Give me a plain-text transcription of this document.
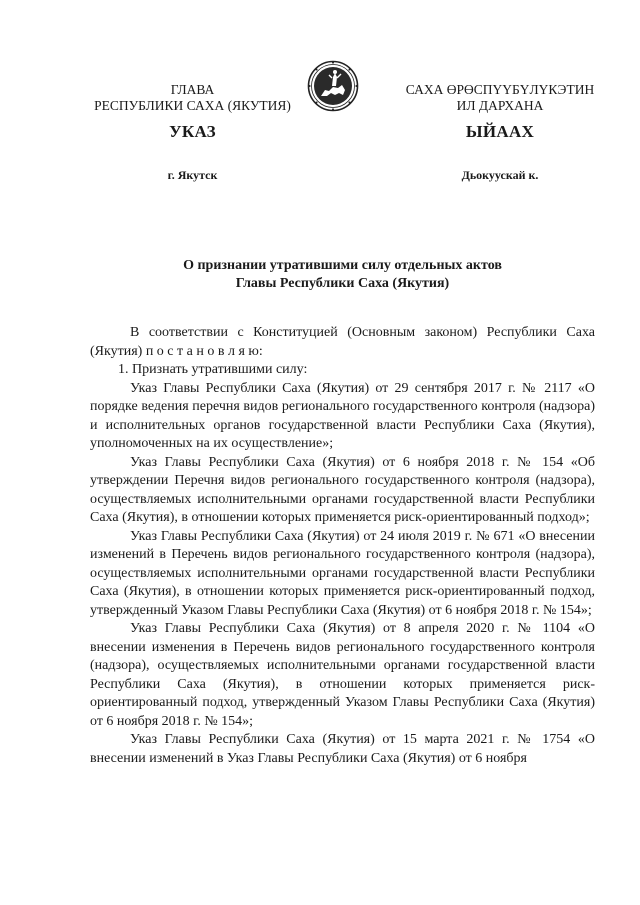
ГЛАВА
РЕСПУБЛИКИ САХА (ЯКУТИЯ)
САХА ӨРӨСПҮҮБҮЛҮКЭТИН
ИЛ ДАРХАНА
УКАЗ	ЫЙААХ
г. Якутск	Дьокуускай к.
О признании утратившими силу отдельных актов
Главы Республики Саха (Якутия)

В соответствии с Конституцией (Основным законом) Республики Саха (Якутия) п о с т а н о в л я ю:

1. Признать утратившими силу:

Указ Главы Республики Саха (Якутия) от 29 сентября 2017 г. № 2117 «О порядке ведения перечня видов регионального государственного контроля (надзора) и исполнительных органов государственной власти Республики Саха (Якутия), уполномоченных на их осуществление»;

Указ Главы Республики Саха (Якутия) от 6 ноября 2018 г. № 154 «Об утверждении Перечня видов регионального государственного контроля (надзора), осуществляемых исполнительными органами государственной власти Республики Саха (Якутия), в отношении которых применяется риск-ориентированный подход»;

Указ Главы Республики Саха (Якутия) от 24 июля 2019 г. № 671 «О внесении изменений в Перечень видов регионального государственного контроля (надзора), осуществляемых исполнительными органами государственной власти Республики Саха (Якутия), в отношении которых применяется риск-ориентированный подход, утвержденный Указом Главы Республики Саха (Якутия) от 6 ноября 2018 г. № 154»;

Указ Главы Республики Саха (Якутия) от 8 апреля 2020 г. № 1104 «О внесении изменения в Перечень видов регионального государственного контроля (надзора), осуществляемых исполнительными органами государственной власти Республики Саха (Якутия), в отношении которых применяется риск-ориентированный подход, утвержденный Указом Главы Республики Саха (Якутия) от 6 ноября 2018 г. № 154»;

Указ Главы Республики Саха (Якутия) от 15 марта 2021 г. № 1754 «О внесении изменений в Указ Главы Республики Саха (Якутия) от 6 ноября
